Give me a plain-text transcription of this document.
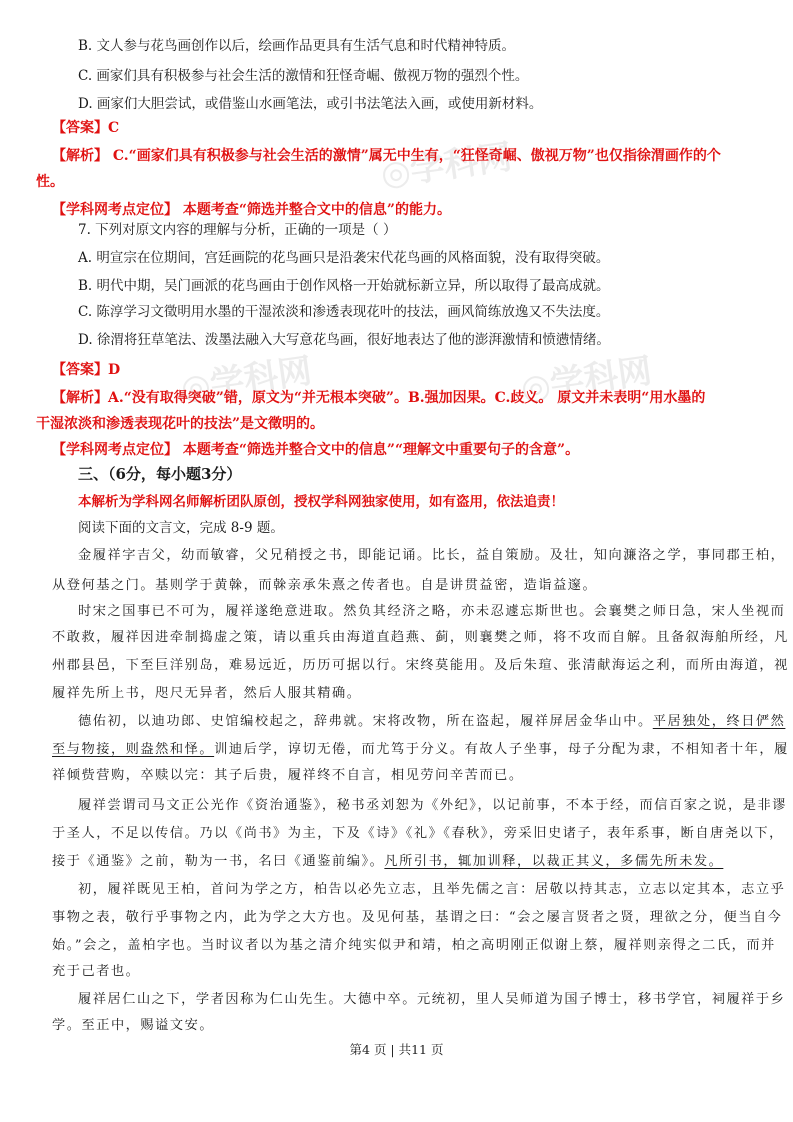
◎学科网
◎学科网	◎学科网
B. 文人参与花鸟画创作以后，绘画作品更具有生活气息和时代精神特质。
C. 画家们具有积极参与社会生活的激情和狂怪奇崛、傲视万物的强烈个性。
D. 画家们大胆尝试，或借鉴山水画笔法，或引书法笔法入画，或使用新材料。
【答案】C
【解析】 C.“画家们具有积极参与社会生活的激情”属无中生有，“狂怪奇崛、傲视万物”也仅指徐渭画作的个
性。
【学科网考点定位】 本题考查“筛选并整合文中的信息”的能力。
7. 下列对原文内容的理解与分析，正确的一项是（ ）
A. 明宣宗在位期间，宫廷画院的花鸟画只是沿袭宋代花鸟画的风格面貌，没有取得突破。
B. 明代中期，吴门画派的花鸟画由于创作风格一开始就标新立异，所以取得了最高成就。
C. 陈淳学习文徵明用水墨的干湿浓淡和渗透表现花叶的技法，画风简练放逸又不失法度。
D. 徐渭将狂草笔法、泼墨法融入大写意花鸟画，很好地表达了他的澎湃激情和愤懑情绪。
【答案】D
【解析】A.“没有取得突破”错，原文为“并无根本突破”。B.强加因果。C.歧义。 原文并未表明“用水墨的
干湿浓淡和渗透表现花叶的技法”是文徵明的。
【学科网考点定位】 本题考查“筛选并整合文中的信息”“理解文中重要句子的含意”。
三、（6分，每小题3分）
本解析为学科网名师解析团队原创，授权学科网独家使用，如有盗用，依法追责！
阅读下面的文言文，完成 8-9 题。
金履祥字吉父，幼而敏睿，父兄稍授之书，即能记诵。比长，益自策励。及壮，知向濂洛之学，事同郡王柏，
从登何基之门。基则学于黄榦，而榦亲承朱熹之传者也。自是讲贯益密，造诣益邃。
时宋之国事已不可为，履祥遂绝意进取。然负其经济之略，亦未忍遽忘斯世也。会襄樊之师日急，宋人坐视而
不敢救，履祥因进牵制捣虚之策，请以重兵由海道直趋燕、蓟，则襄樊之师，将不攻而自解。且备叙海舶所经，凡
州郡县邑，下至巨洋别岛，难易远近，历历可据以行。宋终莫能用。及后朱瑄、张清献海运之利，而所由海道，视
履祥先所上书，咫尺无异者，然后人服其精确。
德佑初，以迪功郎、史馆编校起之，辞弗就。宋将改物，所在盗起，履祥屏居金华山中。平居独处，终日俨然
至与物接，则盎然和怿。训迪后学，谆切无倦，而尤笃于分义。有故人子坐事，母子分配为隶，不相知者十年，履
祥倾赀营购，卒赎以完：其子后贵，履祥终不自言，相见劳问辛苦而已。
履祥尝谓司马文正公光作《资治通鉴》，秘书丞刘恕为《外纪》，以记前事，不本于经，而信百家之说，是非谬
于圣人，不足以传信。乃以《尚书》为主，下及《诗》《礼》《春秋》，旁采旧史诸子，表年系事，断自唐尧以下，
接于《通鉴》之前，勒为一书，名曰《通鉴前编》。凡所引书，辄加训释，以裁正其义，多儒先所未发。
初，履祥既见王柏，首问为学之方，柏告以必先立志，且举先儒之言：居敬以持其志，立志以定其本，志立乎
事物之表，敬行乎事物之内，此为学之大方也。及见何基，基谓之曰：“会之屡言贤者之贤，理欲之分，便当自今
始。”会之，盖柏字也。当时议者以为基之清介纯实似尹和靖，柏之高明刚正似谢上蔡，履祥则亲得之二氏，而并
充于己者也。
履祥居仁山之下，学者因称为仁山先生。大德中卒。元统初，里人吴师道为国子博士，移书学官，祠履祥于乡
学。至正中，赐谥文安。
第4 页 | 共11 页
